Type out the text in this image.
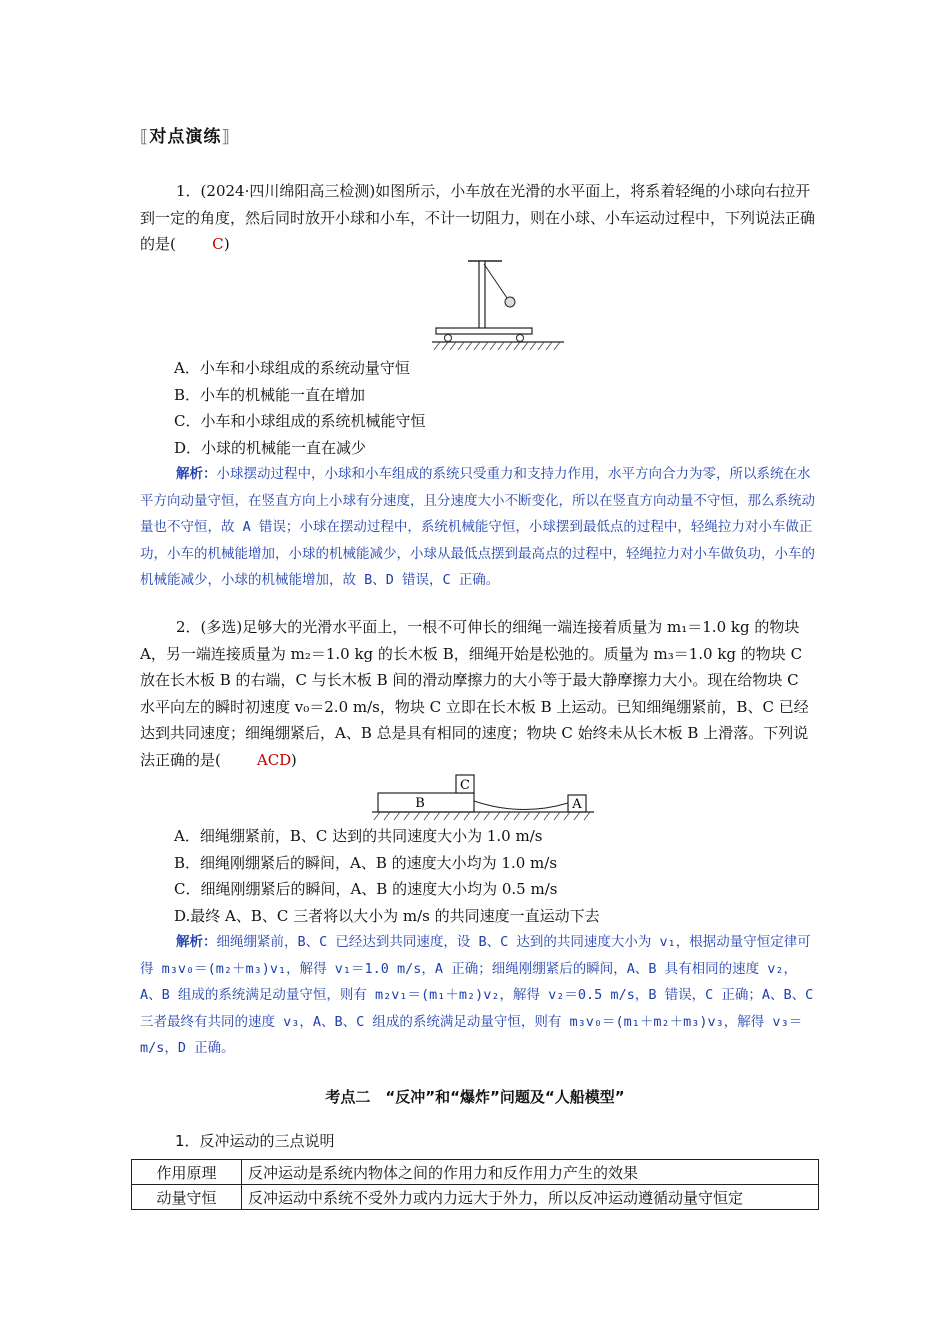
⟦对点演练⟧
1．(2024·四川绵阳高三检测)如图所示，小车放在光滑的水平面上，将系着轻绳的小球向右拉开到一定的角度，然后同时放开小球和小车，不计一切阻力，则在小球、小车运动过程中，下列说法正确的是( C)

A．小车和小球组成的系统动量守恒

B．小车的机械能一直在增加

C．小车和小球组成的系统机械能守恒

D．小球的机械能一直在减少

解析：小球摆动过程中，小球和小车组成的系统只受重力和支持力作用，水平方向合力为零，所以系统在水平方向动量守恒，在竖直方向上小球有分速度，且分速度大小不断变化，所以在竖直方向动量不守恒，那么系统动量也不守恒，故 A 错误；小球在摆动过程中，系统机械能守恒，小球摆到最低点的过程中，轻绳拉力对小车做正功，小车的机械能增加，小球的机械能减少，小球从最低点摆到最高点的过程中，轻绳拉力对小车做负功，小车的机械能减少，小球的机械能增加，故 B、D 错误，C 正确。
2．(多选)足够大的光滑水平面上，一根不可伸长的细绳一端连接着质量为 m₁＝1.0 kg 的物块 A，另一端连接质量为 m₂＝1.0 kg 的长木板 B，细绳开始是松弛的。质量为 m₃＝1.0 kg 的物块 C 放在长木板 B 的右端，C 与长木板 B 间的滑动摩擦力的大小等于最大静摩擦力大小。现在给物块 C 水平向左的瞬时初速度 v₀＝2.0 m/s，物块 C 立即在长木板 B 上运动。已知细绳绷紧前，B、C 已经达到共同速度；细绳绷紧后，A、B 总是具有相同的速度；物块 C 始终未从长木板 B 上滑落。下列说法正确的是( ACD)
C
B	A

A．细绳绷紧前，B、C 达到的共同速度大小为 1.0 m/s

B．细绳刚绷紧后的瞬间，A、B 的速度大小均为 1.0 m/s

C．细绳刚绷紧后的瞬间，A、B 的速度大小均为 0.5 m/s

D.最终 A、B、C 三者将以大小为 m/s 的共同速度一直运动下去

解析：细绳绷紧前，B、C 已经达到共同速度，设 B、C 达到的共同速度大小为 v₁，根据动量守恒定律可得 m₃v₀＝(m₂＋m₃)v₁，解得 v₁＝1.0 m/s，A 正确；细绳刚绷紧后的瞬间，A、B 具有相同的速度 v₂，A、B 组成的系统满足动量守恒，则有 m₂v₁＝(m₁＋m₂)v₂，解得 v₂＝0.5 m/s，B 错误，C 正确；A、B、C 三者最终有共同的速度 v₃，A、B、C 组成的系统满足动量守恒，则有 m₃v₀＝(m₁＋m₂＋m₃)v₃，解得 v₃＝ m/s，D 正确。
考点二　“反冲”和“爆炸”问题及“人船模型”
1．反冲运动的三点说明
作用原理	反冲运动是系统内物体之间的作用力和反作用力产生的效果
动量守恒	反冲运动中系统不受外力或内力远大于外力，所以反冲运动遵循动量守恒定
